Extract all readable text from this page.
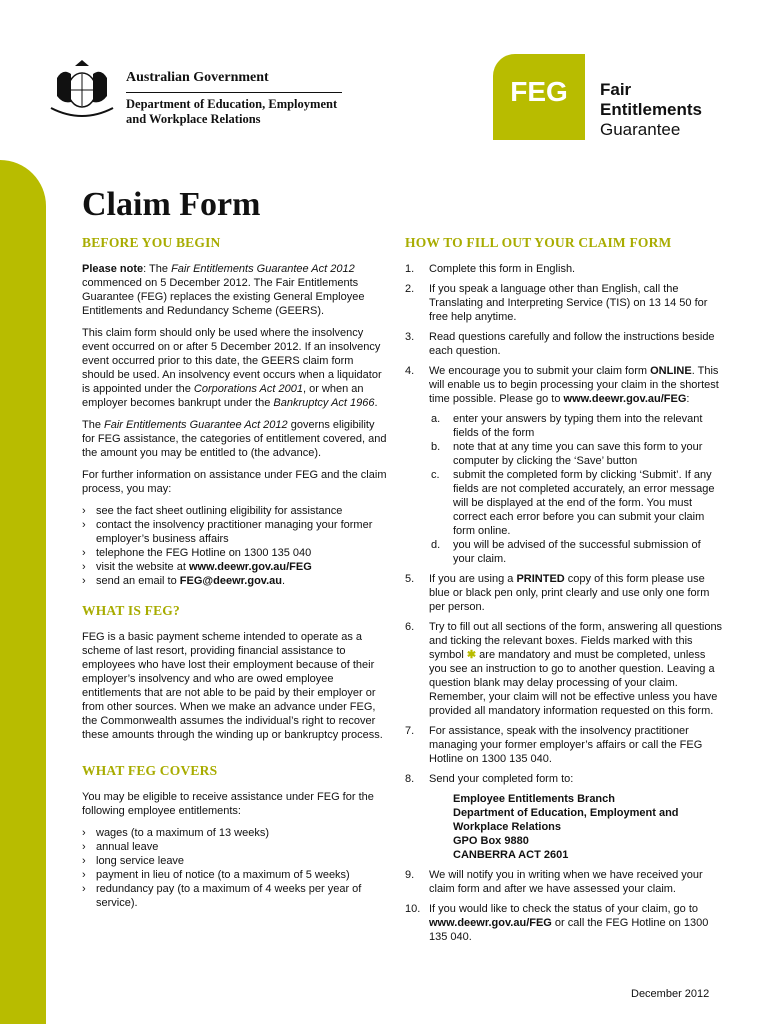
Australian Government
Department of Education, Employment
and Workplace Relations
FEG	Fair
Entitlements
Guarantee
Claim Form
BEFORE YOU BEGIN

Please note: The Fair Entitlements Guarantee Act 2012 commenced on 5 December 2012. The Fair Entitlements Guarantee (FEG) replaces the existing General Employee Entitlements and Redundancy Scheme (GEERS).

This claim form should only be used where the insolvency event occurred on or after 5 December 2012. If an insolvency event occurred prior to this date, the GEERS claim form should be used. An insolvency event occurs when a liquidator is appointed under the Corporations Act 2001, or when an employer becomes bankrupt under the Bankruptcy Act 1966.

The Fair Entitlements Guarantee Act 2012 governs eligibility for FEG assistance, the categories of entitlement covered, and the amount you may be entitled to (the advance).

For further information on assistance under FEG and the claim process, you may:

› see the fact sheet outlining eligibility for assistance
› contact the insolvency practitioner managing your former employer’s business affairs
› telephone the FEG Hotline on 1300 135 040
› visit the website at www.deewr.gov.au/FEG
› send an email to FEG@deewr.gov.au.
WHAT IS FEG?

FEG is a basic payment scheme intended to operate as a scheme of last resort, providing financial assistance to employees who have lost their employment because of their employer’s insolvency and who are owed employee entitlements that are not able to be paid by their employer or from other sources. When we make an advance under FEG, the Commonwealth assumes the individual’s right to recover these amounts through the winding up or bankruptcy process.

WHAT FEG COVERS

You may be eligible to receive assistance under FEG for the following employee entitlements:

› wages (to a maximum of 13 weeks)
› annual leave
› long service leave
› payment in lieu of notice (to a maximum of 5 weeks)
› redundancy pay (to a maximum of 4 weeks per year of service).
HOW TO FILL OUT YOUR CLAIM FORM
1. Complete this form in English.
2. If you speak a language other than English, call the Translating and Interpreting Service (TIS) on 13 14 50 for free help anytime.
3. Read questions carefully and follow the instructions beside each question.
4. We encourage you to submit your claim form ONLINE. This will enable us to begin processing your claim in the shortest time possible. Please go to www.deewr.gov.au/FEG:
a. enter your answers by typing them into the relevant fields of the form
b. note that at any time you can save this form to your computer by clicking the ‘Save’ button
c. submit the completed form by clicking ‘Submit’. If any fields are not completed accurately, an error message will be displayed at the end of the form. You must correct each error before you can submit your claim form online.
d. you will be advised of the successful submission of your claim.
5. If you are using a PRINTED copy of this form please use blue or black pen only, print clearly and use only one form per person.
6. Try to fill out all sections of the form, answering all questions and ticking the relevant boxes. Fields marked with this symbol ✱ are mandatory and must be completed, unless you see an instruction to go to another question. Leaving a question blank may delay processing of your claim. Remember, your claim will not be effective unless you have provided all mandatory information requested on this form.
7. For assistance, speak with the insolvency practitioner managing your former employer’s affairs or call the FEG Hotline on 1300 135 040.
8. Send your completed form to:
Employee Entitlements Branch
Department of Education, Employment and Workplace Relations
GPO Box 9880
CANBERRA ACT 2601
9. We will notify you in writing when we have received your claim form and after we have assessed your claim.
10. If you would like to check the status of your claim, go to www.deewr.gov.au/FEG or call the FEG Hotline on 1300 135 040.
December 2012
